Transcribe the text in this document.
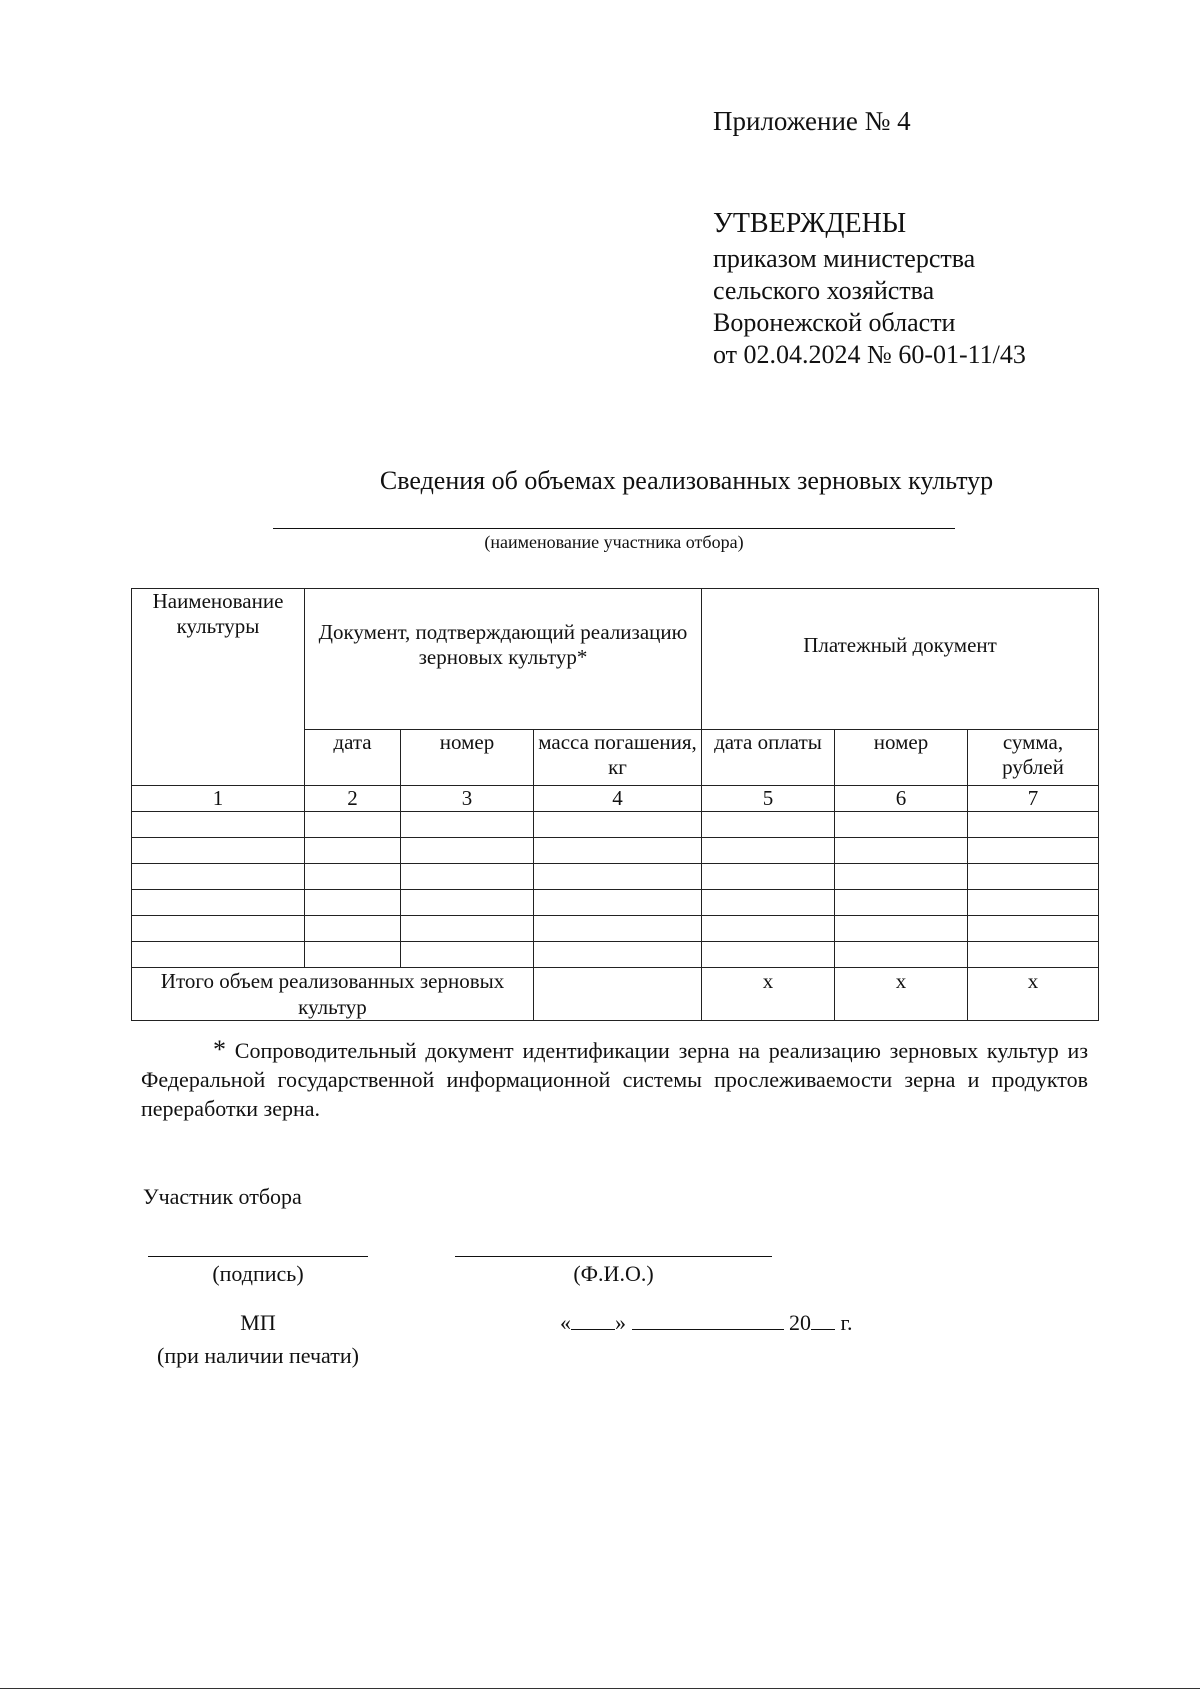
Приложение № 4
УТВЕРЖДЕНЫ
приказом министерства
сельского хозяйства
Воронежской области
от 02.04.2024 № 60-01-11/43
Сведения об объемах реализованных зерновых культур
(наименование участника отбора)
Наименование культуры	Документ, подтверждающий реализацию зерновых культур*			Платежный документ		
	дата	номер	масса погашения, кг	дата оплаты	номер	сумма, рублей
1	2	3	4	5	6	7

Итого объем реализованных зерновых культур				х	х	х
* Сопроводительный документ идентификации зерна на реализацию зерновых культур из Федеральной государственной информационной системы прослеживаемости зерна и продуктов переработки зерна.
Участник отбора
(подпись)	(Ф.И.О.)
МП
(при наличии печати)
« »	20 г.
